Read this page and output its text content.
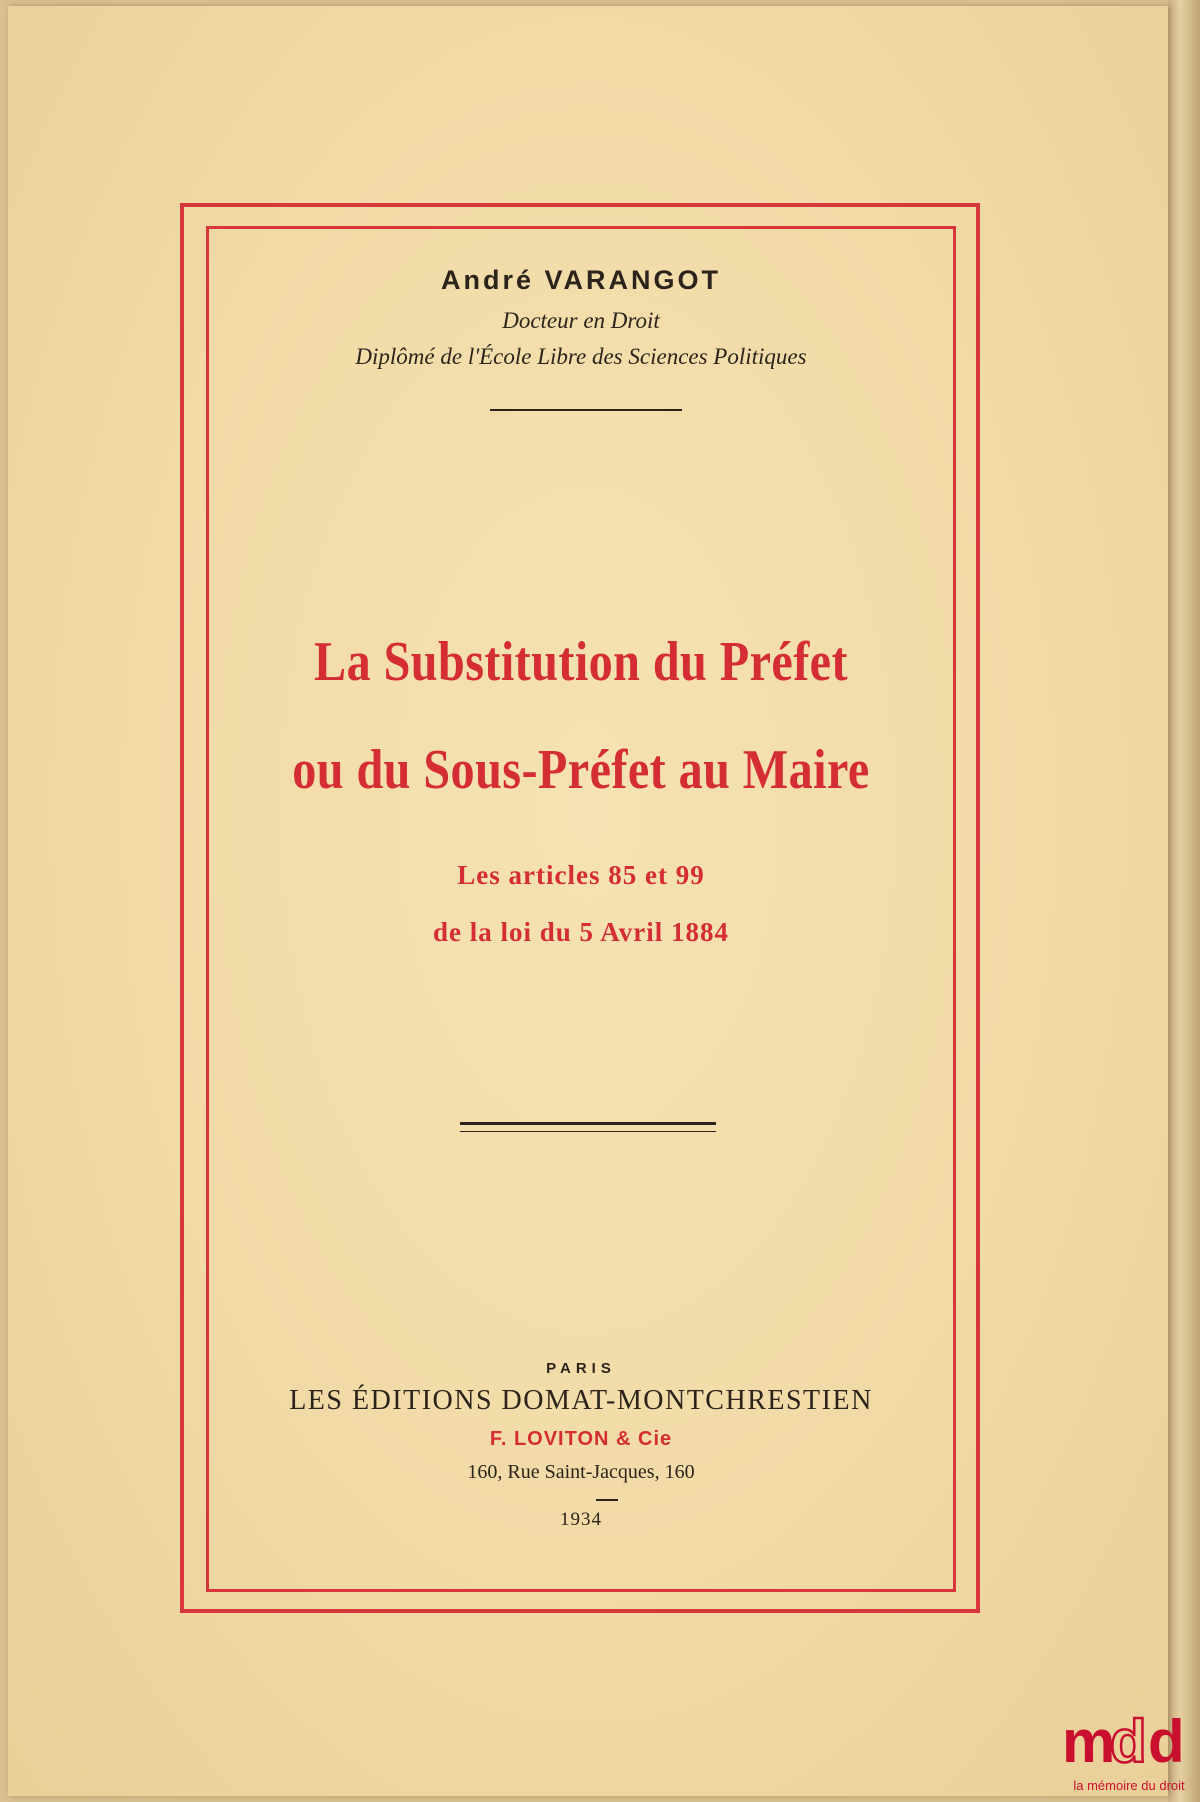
André VARANGOT

Docteur en Droit

Diplômé de l'École Libre des Sciences Politiques

La Substitution du Préfet

ou du Sous-Préfet au Maire

Les articles 85 et 99

de la loi du 5 Avril 1884

PARIS

LES ÉDITIONS DOMAT-MONTCHRESTIEN

F. LOVITON & Cie

160, Rue Saint-Jacques, 160

1934

m
d d
la mémoire du droit
